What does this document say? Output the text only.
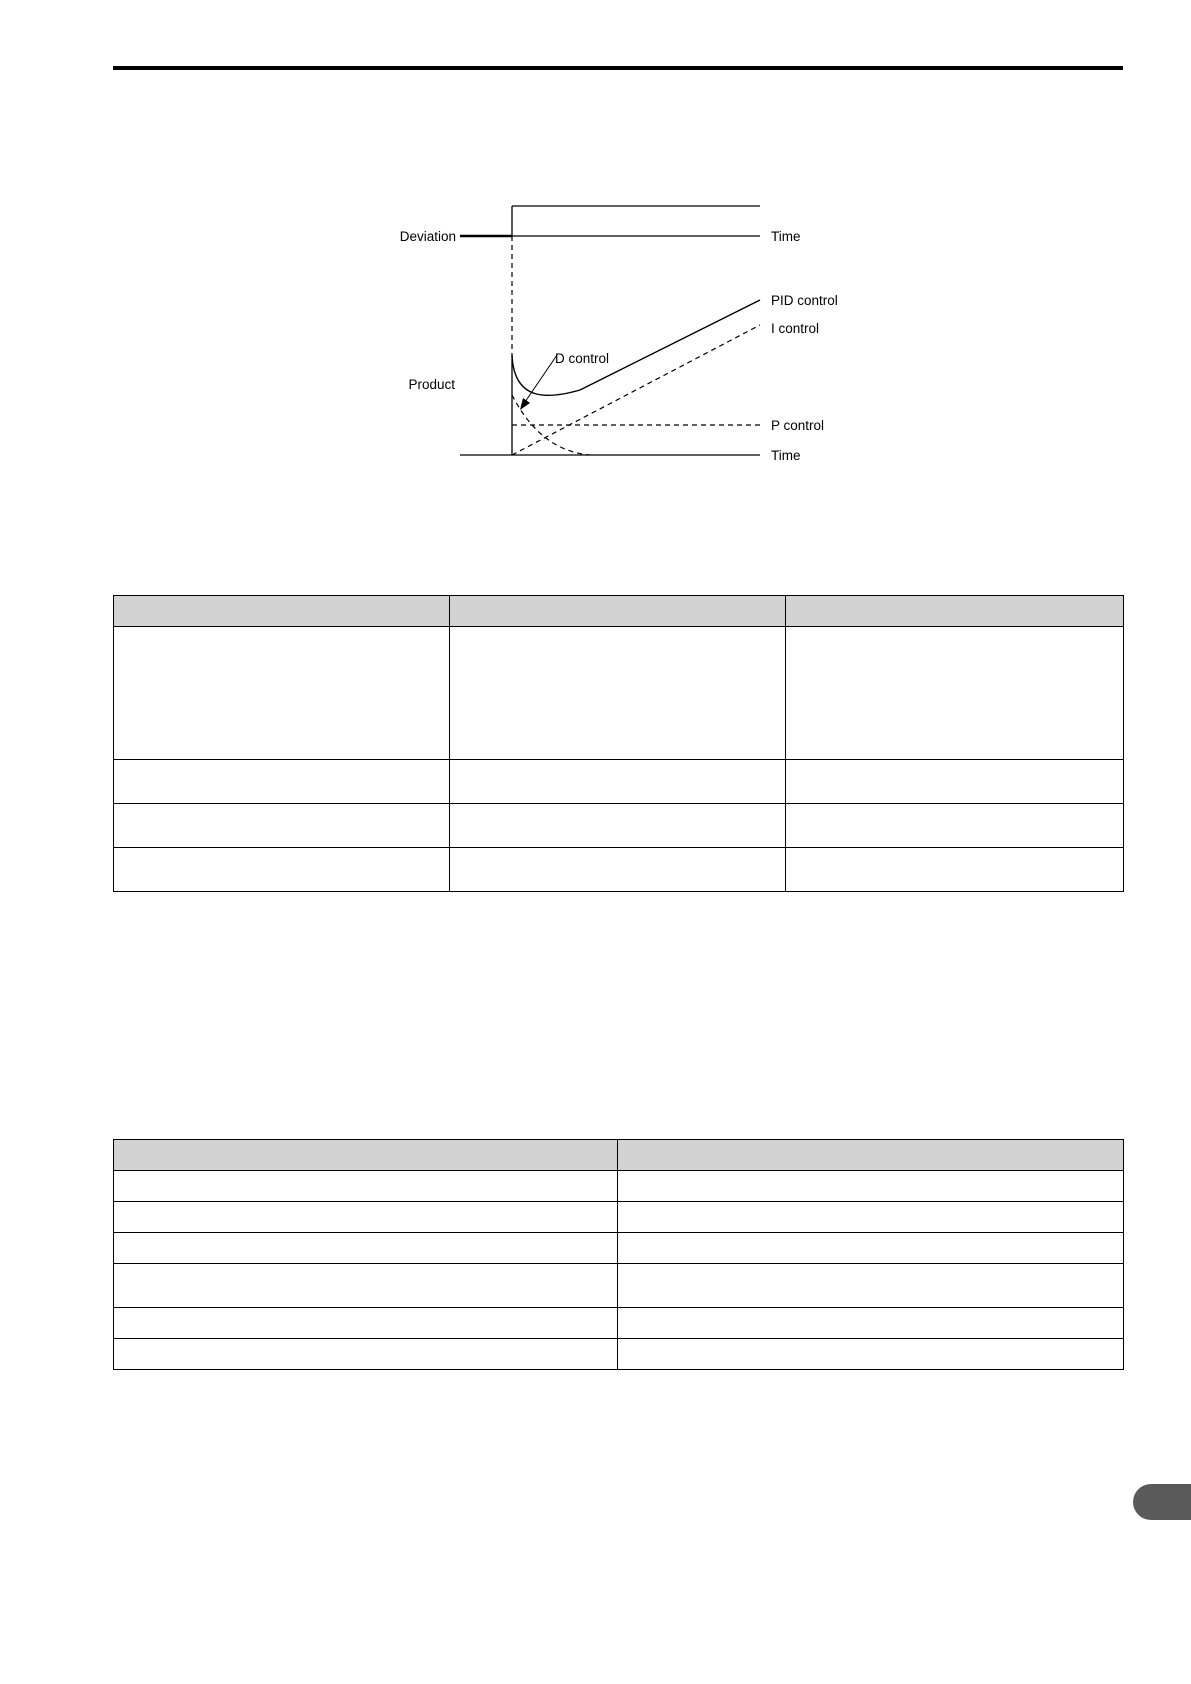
Deviation	Time
PID control
I control
D control
Product
P control
Time
